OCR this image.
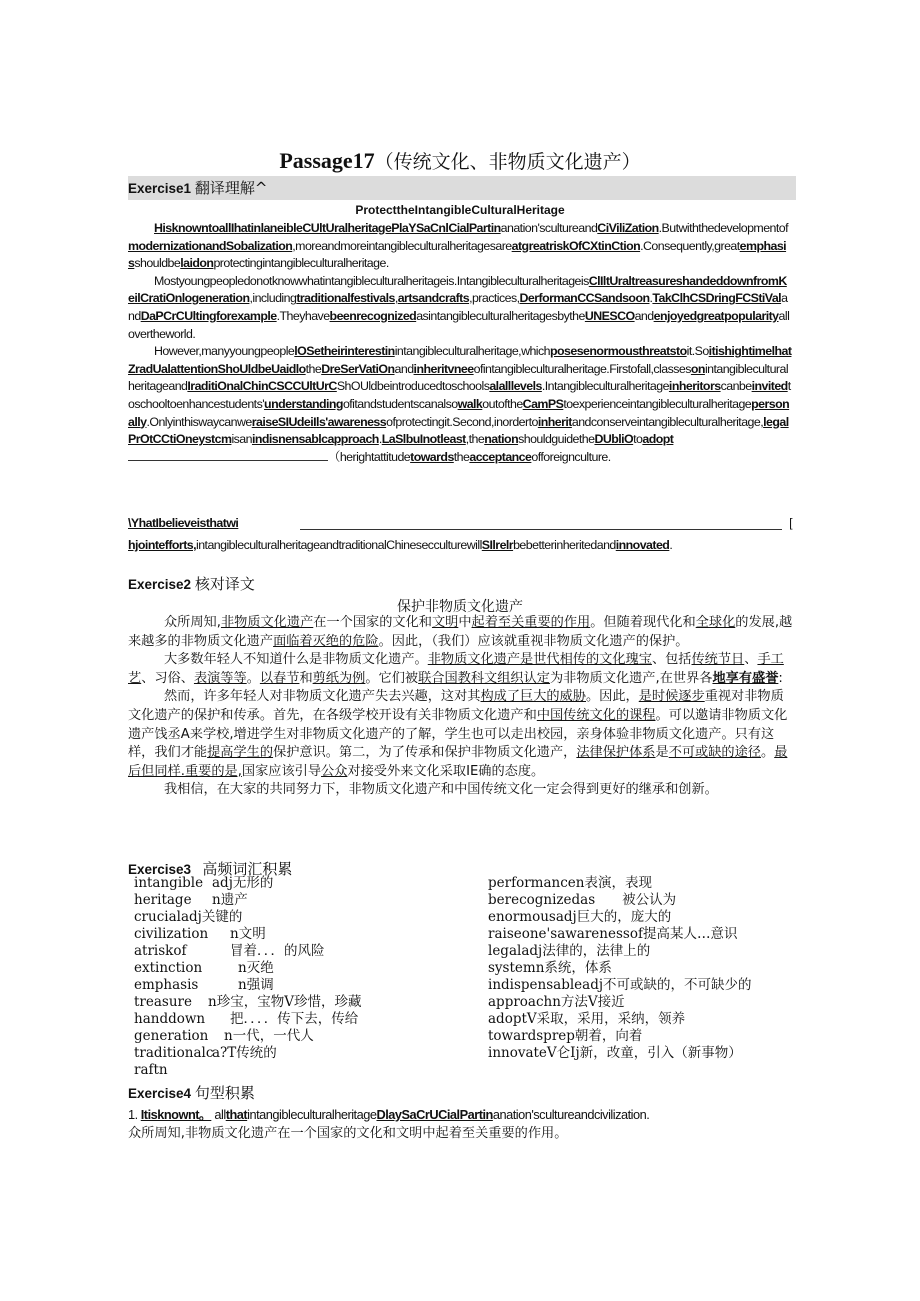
Passage17（传统文化、非物质文化遗产）
Exercise1 翻译理解^
ProtecttheIntangibleCulturalHeritage
HisknowntoallIhatinlaneibleCUltUralheritagePlaYSaCnlCialPartinanation'scultureandCiViliZation.ButwiththedevelopmentofmodernizationandSobalization,moreandmoreintangibleculturalheritagesareatgreatriskOfCXtinCtion.Consequently,greatemphasisshouldbelaidonprotectingintangibleculturalheritage.
Mostyoungpeopledonotknowwhatintangibleculturalheritageis.IntangibleculturalheritageisClIltUraltreasureshandeddownfromKeilCratiOnlogeneration,includingtraditionalfestivals,artsandcrafts,practices,DerformanCCSandsoon.TakClhCSDringFCStiValandDaPCrCUltingforexample.TheyhavebeenrecognizedasintangibleculturalheritagesbytheUNESCOandenjoyedgreatpopularityallovertheworld.
However,manyyoungpeoplelOSetheirinterestinintangibleculturalheritage,whichposesenormousthreatstoit.SoitishightimelhatZradUalattentionShoUldbeUaidlotheDreSerVatiOnandinheritvneeofintangibleculturalheritage.Firstofall,classesonintangibleculturalheritageandIraditiOnalChinCSCCUltUrCShOUldbeintroducedtoschoolsalalllevels.Intangibleculturalheritageinheritorscanbeinvitedtoschooltoenhancestudents'understandingofitandstudentscanalsowalkoutoftheCamPStoexperienceintangibleculturalheritagepersonally.OnlyinthiswaycanweraiseSIUdeiIls'awarenessofprotectingit.Second,inordertoinheritandconserveintangibleculturalheritage,legalPrOtCCtiOneystcmisanindisnensablcapproach.LaSlbuInotleast,thenationshouldguidetheDUbliOtoadopt（herightattitudetowardstheacceptanceofforeignculture.
\YhatIbelieveisthatwi	[
hjointefforts,intangibleculturalheritageandtraditionalChinesecculturewillSIlrelrbebetterinheritedandinnovated.
Exercise2 核对译文
保护非物质文化遗产

众所周知,非物质文化遗产在一个国家的文化和文明中起着至关重要的作用。但随着现代化和全球化的发展,越来越多的非物质文化遗产面临着灭绝的危险。因此，（我们）应该就重视非物质文化遗产的保护。

大多数年轻人不知道什么是非物质文化遗产。非物质文化遗产是世代相传的文化瑰宝、包括传统节日、手工艺、习俗、表演等等。以春节和剪纸为例。它们被联合国教科文组织认定为非物质文化遗产,在世界各地享有盛誉:

然而，许多年轻人对非物质文化遗产失去兴趣，这对其构成了巨大的威胁。因此，是时候逐步重视对非物质文化遗产的保护和传承。首先，在各级学校开设有关非物质文化遗产和中国传统文化的课程。可以邀请非物质文化遗产饯丞A来学校,增进学生对非物质文化遗产的了解，学生也可以走出校园，亲身体验非物质文化遗产。只有这样，我们才能提高学生的保护意识。第二，为了传承和保护非物质文化遗产，法律保护体系是不可或缺的途径。最后但同样.重要的是,国家应该引导公众对接受外来文化采取IE确的态度。

我相信，在大家的共同努力下，非物质文化遗产和中国传统文化一定会得到更好的继承和创新。

Exercise3 高频词汇积累
intangible adj无形的
heritage n遗产
crucialadj关键的
civilization n文明
atriskof	冒着．．．的风险
extinction	n灭绝
emphasis	n强调
treasure n珍宝，宝物V珍惜，珍藏
handdown 把．．．．传下去，传给
generation n一代，一代人
traditionalca?T传统的
raftn
performancen表演，表现
berecognizedas　　被公认为
enormousadj巨大的，庞大的
raiseone'sawarenessof提高某人…意识
legaladj法律的，法律上的
systemn系统，体系
indispensableadj不可或缺的，不可缺少的
approachn方法V接近
adoptV采取，采用，采纳，领养
towardsprep朝着，向着
innovateV仑Ij新，改童，引入（新事物）
Exercise4 句型积累
1. Itisknownt。 allthatintangibleculturalheritageDlaySaCrUCialPartinanation'scultureandcivilization.
众所周知,非物质文化遗产在一个国家的文化和文明中起着至关重要的作用。
